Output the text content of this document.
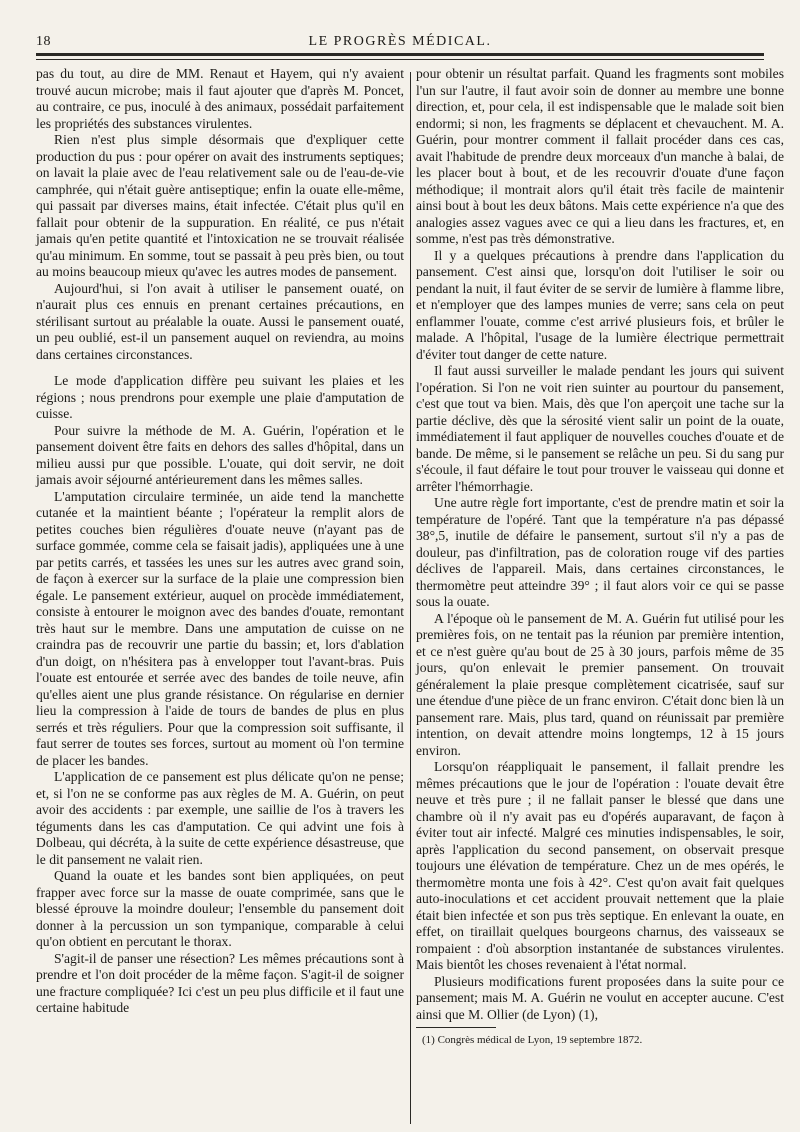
18	LE PROGRÈS MÉDICAL.

pas du tout, au dire de MM. Renaut et Hayem, qui n'y avaient trouvé aucun microbe; mais il faut ajouter que d'après M. Poncet, au contraire, ce pus, inoculé à des animaux, possédait parfaitement les propriétés des substances virulentes.

Rien n'est plus simple désormais que d'expliquer cette production du pus : pour opérer on avait des instruments septiques; on lavait la plaie avec de l'eau relativement sale ou de l'eau-de-vie camphrée, qui n'était guère antiseptique; enfin la ouate elle-même, qui passait par diverses mains, était infectée. C'était plus qu'il en fallait pour obtenir de la suppuration. En réalité, ce pus n'était jamais qu'en petite quantité et l'intoxication ne se trouvait réalisée qu'au minimum. En somme, tout se passait à peu près bien, ou tout au moins beaucoup mieux qu'avec les autres modes de pansement.

Aujourd'hui, si l'on avait à utiliser le pansement ouaté, on n'aurait plus ces ennuis en prenant certaines précautions, en stérilisant surtout au préalable la ouate. Aussi le pansement ouaté, un peu oublié, est-il un pansement auquel on reviendra, au moins dans certaines circonstances.

Le mode d'application diffère peu suivant les plaies et les régions ; nous prendrons pour exemple une plaie d'amputation de cuisse.

Pour suivre la méthode de M. A. Guérin, l'opération et le pansement doivent être faits en dehors des salles d'hôpital, dans un milieu aussi pur que possible. L'ouate, qui doit servir, ne doit jamais avoir séjourné antérieurement dans les mêmes salles.

L'amputation circulaire terminée, un aide tend la manchette cutanée et la maintient béante ; l'opérateur la remplit alors de petites couches bien régulières d'ouate neuve (n'ayant pas de surface gommée, comme cela se faisait jadis), appliquées une à une par petits carrés, et tassées les unes sur les autres avec grand soin, de façon à exercer sur la surface de la plaie une compression bien égale. Le pansement extérieur, auquel on procède immédiatement, consiste à entourer le moignon avec des bandes d'ouate, remontant très haut sur le membre. Dans une amputation de cuisse on ne craindra pas de recouvrir une partie du bassin; et, lors d'ablation d'un doigt, on n'hésitera pas à envelopper tout l'avant-bras. Puis l'ouate est entourée et serrée avec des bandes de toile neuve, afin qu'elles aient une plus grande résistance. On régularise en dernier lieu la compression à l'aide de tours de bandes de plus en plus serrés et très réguliers. Pour que la compression soit suffisante, il faut serrer de toutes ses forces, surtout au moment où l'on termine de placer les bandes.

L'application de ce pansement est plus délicate qu'on ne pense; et, si l'on ne se conforme pas aux règles de M. A. Guérin, on peut avoir des accidents : par exemple, une saillie de l'os à travers les téguments dans les cas d'amputation. Ce qui advint une fois à Dolbeau, qui décréta, à la suite de cette expérience désastreuse, que le dit pansement ne valait rien.

Quand la ouate et les bandes sont bien appliquées, on peut frapper avec force sur la masse de ouate comprimée, sans que le blessé éprouve la moindre douleur; l'ensemble du pansement doit donner à la percussion un son tympanique, comparable à celui qu'on obtient en percutant le thorax.

S'agit-il de panser une résection? Les mêmes précautions sont à prendre et l'on doit procéder de la même façon. S'agit-il de soigner une fracture compliquée? Ici c'est un peu plus difficile et il faut une certaine habitude

pour obtenir un résultat parfait. Quand les fragments sont mobiles l'un sur l'autre, il faut avoir soin de donner au membre une bonne direction, et, pour cela, il est indispensable que le malade soit bien endormi; si non, les fragments se déplacent et chevauchent. M. A. Guérin, pour montrer comment il fallait procéder dans ces cas, avait l'habitude de prendre deux morceaux d'un manche à balai, de les placer bout à bout, et de les recouvrir d'ouate d'une façon méthodique; il montrait alors qu'il était très facile de maintenir ainsi bout à bout les deux bâtons. Mais cette expérience n'a que des analogies assez vagues avec ce qui a lieu dans les fractures, et, en somme, n'est pas très démonstrative.

Il y a quelques précautions à prendre dans l'application du pansement. C'est ainsi que, lorsqu'on doit l'utiliser le soir ou pendant la nuit, il faut éviter de se servir de lumière à flamme libre, et n'employer que des lampes munies de verre; sans cela on peut enflammer l'ouate, comme c'est arrivé plusieurs fois, et brûler le malade. A l'hôpital, l'usage de la lumière électrique permettrait d'éviter tout danger de cette nature.

Il faut aussi surveiller le malade pendant les jours qui suivent l'opération. Si l'on ne voit rien suinter au pourtour du pansement, c'est que tout va bien. Mais, dès que l'on aperçoit une tache sur la partie déclive, dès que la sérosité vient salir un point de la ouate, immédiatement il faut appliquer de nouvelles couches d'ouate et de bande. De même, si le pansement se relâche un peu. Si du sang pur s'écoule, il faut défaire le tout pour trouver le vaisseau qui donne et arrêter l'hémorrhagie.

Une autre règle fort importante, c'est de prendre matin et soir la température de l'opéré. Tant que la température n'a pas dépassé 38°,5, inutile de défaire le pansement, surtout s'il n'y a pas de douleur, pas d'infiltration, pas de coloration rouge vif des parties déclives de l'appareil. Mais, dans certaines circonstances, le thermomètre peut atteindre 39° ; il faut alors voir ce qui se passe sous la ouate.

A l'époque où le pansement de M. A. Guérin fut utilisé pour les premières fois, on ne tentait pas la réunion par première intention, et ce n'est guère qu'au bout de 25 à 30 jours, parfois même de 35 jours, qu'on enlevait le premier pansement. On trouvait généralement la plaie presque complètement cicatrisée, sauf sur une étendue d'une pièce de un franc environ. C'était donc bien là un pansement rare. Mais, plus tard, quand on réunissait par première intention, on devait attendre moins longtemps, 12 à 15 jours environ.

Lorsqu'on réappliquait le pansement, il fallait prendre les mêmes précautions que le jour de l'opération : l'ouate devait être neuve et très pure ; il ne fallait panser le blessé que dans une chambre où il n'y avait pas eu d'opérés auparavant, de façon à éviter tout air infecté. Malgré ces minuties indispensables, le soir, après l'application du second pansement, on observait presque toujours une élévation de température. Chez un de mes opérés, le thermomètre monta une fois à 42°. C'est qu'on avait fait quelques auto-inoculations et cet accident prouvait nettement que la plaie était bien infectée et son pus très septique. En enlevant la ouate, en effet, on tiraillait quelques bourgeons charnus, des vaisseaux se rompaient : d'où absorption instantanée de substances virulentes. Mais bientôt les choses revenaient à l'état normal.

Plusieurs modifications furent proposées dans la suite pour ce pansement; mais M. A. Guérin ne voulut en accepter aucune. C'est ainsi que M. Ollier (de Lyon) (1),

(1) Congrès médical de Lyon, 19 septembre 1872.
